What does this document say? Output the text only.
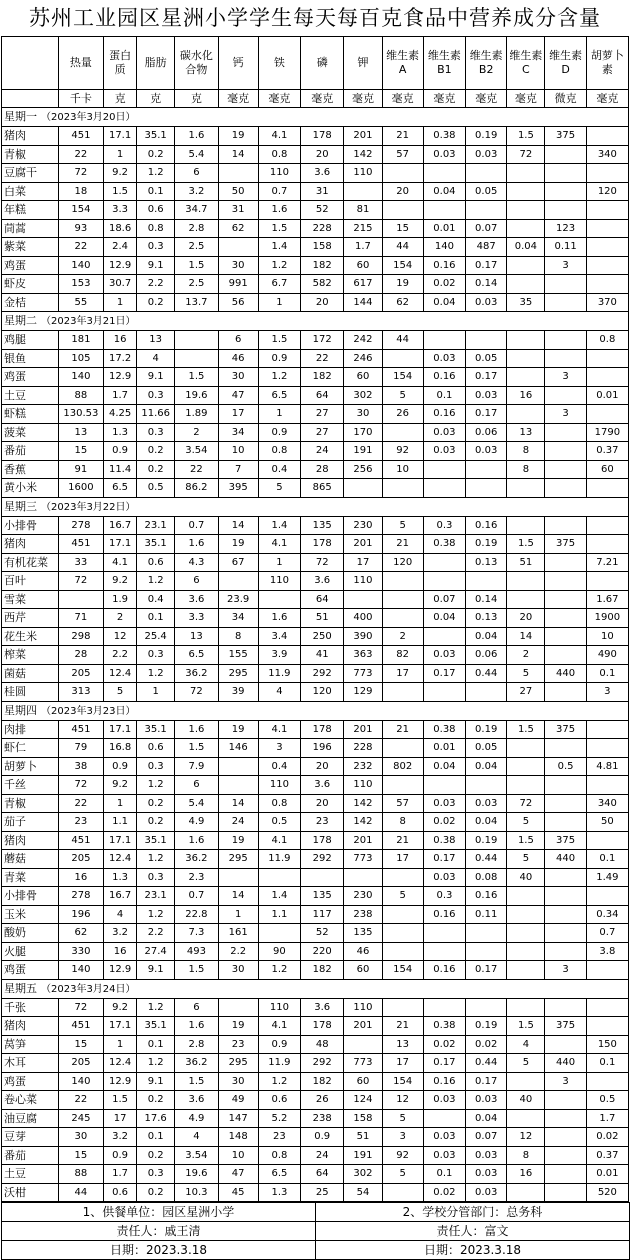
苏州工业园区星洲小学学生每天每百克食品中营养成分含量
	热量	蛋白质	脂肪	碳水化合物	钙	铁	磷	钾	维生素A	维生素B1	维生素B2	维生素C	维生素D	胡萝卜素
	千卡	克	克	克	毫克	毫克	毫克	毫克	毫克	毫克	毫克	毫克	微克	毫克
星期一 （2023年3月20日）														
猪肉	451	17.1	35.1	1.6	19	4.1	178	201	21	0.38	0.19	1.5	375	
青椒	22	1	0.2	5.4	14	0.8	20	142	57	0.03	0.03	72		340
豆腐干	72	9.2	1.2	6		110	3.6	110						
白菜	18	1.5	0.1	3.2	50	0.7	31		20	0.04	0.05			120
年糕	154	3.3	0.6	34.7	31	1.6	52	81						
茼蒿	93	18.6	0.8	2.8	62	1.5	228	215	15	0.01	0.07		123	
紫菜	22	2.4	0.3	2.5		1.4	158	1.7	44	140	487	0.04	0.11	
鸡蛋	140	12.9	9.1	1.5	30	1.2	182	60	154	0.16	0.17		3	
虾皮	153	30.7	2.2	2.5	991	6.7	582	617	19	0.02	0.14			
金桔	55	1	0.2	13.7	56	1	20	144	62	0.04	0.03	35		370
星期二 （2023年3月21日）														
鸡腿	181	16	13		6	1.5	172	242	44					0.8
银鱼	105	17.2	4		46	0.9	22	246		0.03	0.05			
鸡蛋	140	12.9	9.1	1.5	30	1.2	182	60	154	0.16	0.17		3	
土豆	88	1.7	0.3	19.6	47	6.5	64	302	5	0.1	0.03	16		0.01
虾糕	130.53	4.25	11.66	1.89	17	1	27	30	26	0.16	0.17		3	
菠菜	13	1.3	0.3	2	34	0.9	27	170		0.03	0.06	13		1790
番茄	15	0.9	0.2	3.54	10	0.8	24	191	92	0.03	0.03	8		0.37
香蕉	91	11.4	0.2	22	7	0.4	28	256	10			8		60
黄小米	1600	6.5	0.5	86.2	395	5	865							
星期三 （2023年3月22日）														
小排骨	278	16.7	23.1	0.7	14	1.4	135	230	5	0.3	0.16			
猪肉	451	17.1	35.1	1.6	19	4.1	178	201	21	0.38	0.19	1.5	375	
有机花菜	33	4.1	0.6	4.3	67	1	72	17	120		0.13	51		7.21
百叶	72	9.2	1.2	6		110	3.6	110						
雪菜		1.9	0.4	3.6	23.9		64			0.07	0.14			1.67
西芹	71	2	0.1	3.3	34	1.6	51	400		0.04	0.13	20		1900
花生米	298	12	25.4	13	8	3.4	250	390	2		0.04	14		10
榨菜	28	2.2	0.3	6.5	155	3.9	41	363	82	0.03	0.06	2		490
菌菇	205	12.4	1.2	36.2	295	11.9	292	773	17	0.17	0.44	5	440	0.1
桂圆	313	5	1	72	39	4	120	129				27		3
星期四 （2023年3月23日）														
肉排	451	17.1	35.1	1.6	19	4.1	178	201	21	0.38	0.19	1.5	375	
虾仁	79	16.8	0.6	1.5	146	3	196	228		0.01	0.05			
胡萝卜	38	0.9	0.3	7.9		0.4	20	232	802	0.04	0.04		0.5	4.81
千丝	72	9.2	1.2	6		110	3.6	110						
青椒	22	1	0.2	5.4	14	0.8	20	142	57	0.03	0.03	72		340
茄子	23	1.1	0.2	4.9	24	0.5	23	142	8	0.02	0.04	5		50
猪肉	451	17.1	35.1	1.6	19	4.1	178	201	21	0.38	0.19	1.5	375	
蘑菇	205	12.4	1.2	36.2	295	11.9	292	773	17	0.17	0.44	5	440	0.1
青菜	16	1.3	0.3	2.3						0.03	0.08	40		1.49
小排骨	278	16.7	23.1	0.7	14	1.4	135	230	5	0.3	0.16			
玉米	196	4	1.2	22.8	1	1.1	117	238		0.16	0.11			0.34
酸奶	62	3.2	2.2	7.3	161		52	135						0.7
火腿	330	16	27.4	493	2.2	90	220	46						3.8
鸡蛋	140	12.9	9.1	1.5	30	1.2	182	60	154	0.16	0.17		3	
星期五 （2023年3月24日）														
千张	72	9.2	1.2	6		110	3.6	110						
猪肉	451	17.1	35.1	1.6	19	4.1	178	201	21	0.38	0.19	1.5	375	
莴笋	15	1	0.1	2.8	23	0.9	48		13	0.02	0.02	4		150
木耳	205	12.4	1.2	36.2	295	11.9	292	773	17	0.17	0.44	5	440	0.1
鸡蛋	140	12.9	9.1	1.5	30	1.2	182	60	154	0.16	0.17		3	
卷心菜	22	1.5	0.2	3.6	49	0.6	26	124	12	0.03	0.03	40		0.5
油豆腐	245	17	17.6	4.9	147	5.2	238	158	5		0.04			1.7
豆芽	30	3.2	0.1	4	148	23	0.9	51	3	0.03	0.07	12		0.02
番茄	15	0.9	0.2	3.54	10	0.8	24	191	92	0.03	0.03	8		0.37
土豆	88	1.7	0.3	19.6	47	6.5	64	302	5	0.1	0.03	16		0.01
沃柑	44	0.6	0.2	10.3	45	1.3	25	54		0.02	0.03			520
1、供餐单位：园区星洲小学	2、学校分管部门：总务科
责任人：戚王清	责任人：富文
日期：2023.3.18	日期：2023.3.18
